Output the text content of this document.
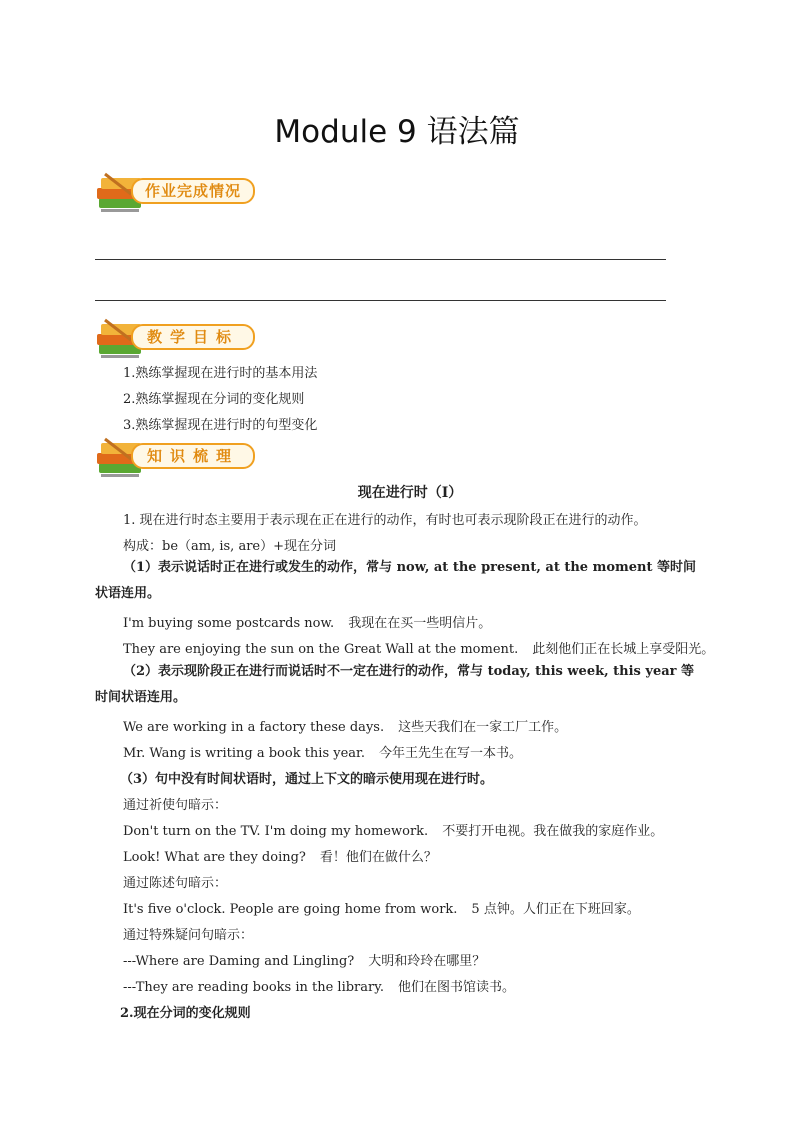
Module 9 语法篇
作业完成情况
教学目标
1.熟练掌握现在进行时的基本用法
2.熟练掌握现在分词的变化规则
3.熟练掌握现在进行时的句型变化
知识梳理
现在进行时（I）
1. 现在进行时态主要用于表示现在正在进行的动作，有时也可表示现阶段正在进行的动作。
构成：be（am, is, are）+现在分词
（1）表示说话时正在进行或发生的动作，常与 now, at the present, at the moment 等时间状语连用。
I'm buying some postcards now. 我现在在买一些明信片。
They are enjoying the sun on the Great Wall at the moment. 此刻他们正在长城上享受阳光。
（2）表示现阶段正在进行而说话时不一定在进行的动作，常与 today, this week, this year 等时间状语连用。
We are working in a factory these days. 这些天我们在一家工厂工作。
Mr. Wang is writing a book this year. 今年王先生在写一本书。
（3）句中没有时间状语时，通过上下文的暗示使用现在进行时。
通过祈使句暗示：
Don't turn on the TV. I'm doing my homework. 不要打开电视。我在做我的家庭作业。
Look! What are they doing? 看！他们在做什么？
通过陈述句暗示：
It's five o'clock. People are going home from work. 5 点钟。人们正在下班回家。
通过特殊疑问句暗示：
---Where are Daming and Lingling? 大明和玲玲在哪里？
---They are reading books in the library. 他们在图书馆读书。
2.现在分词的变化规则
